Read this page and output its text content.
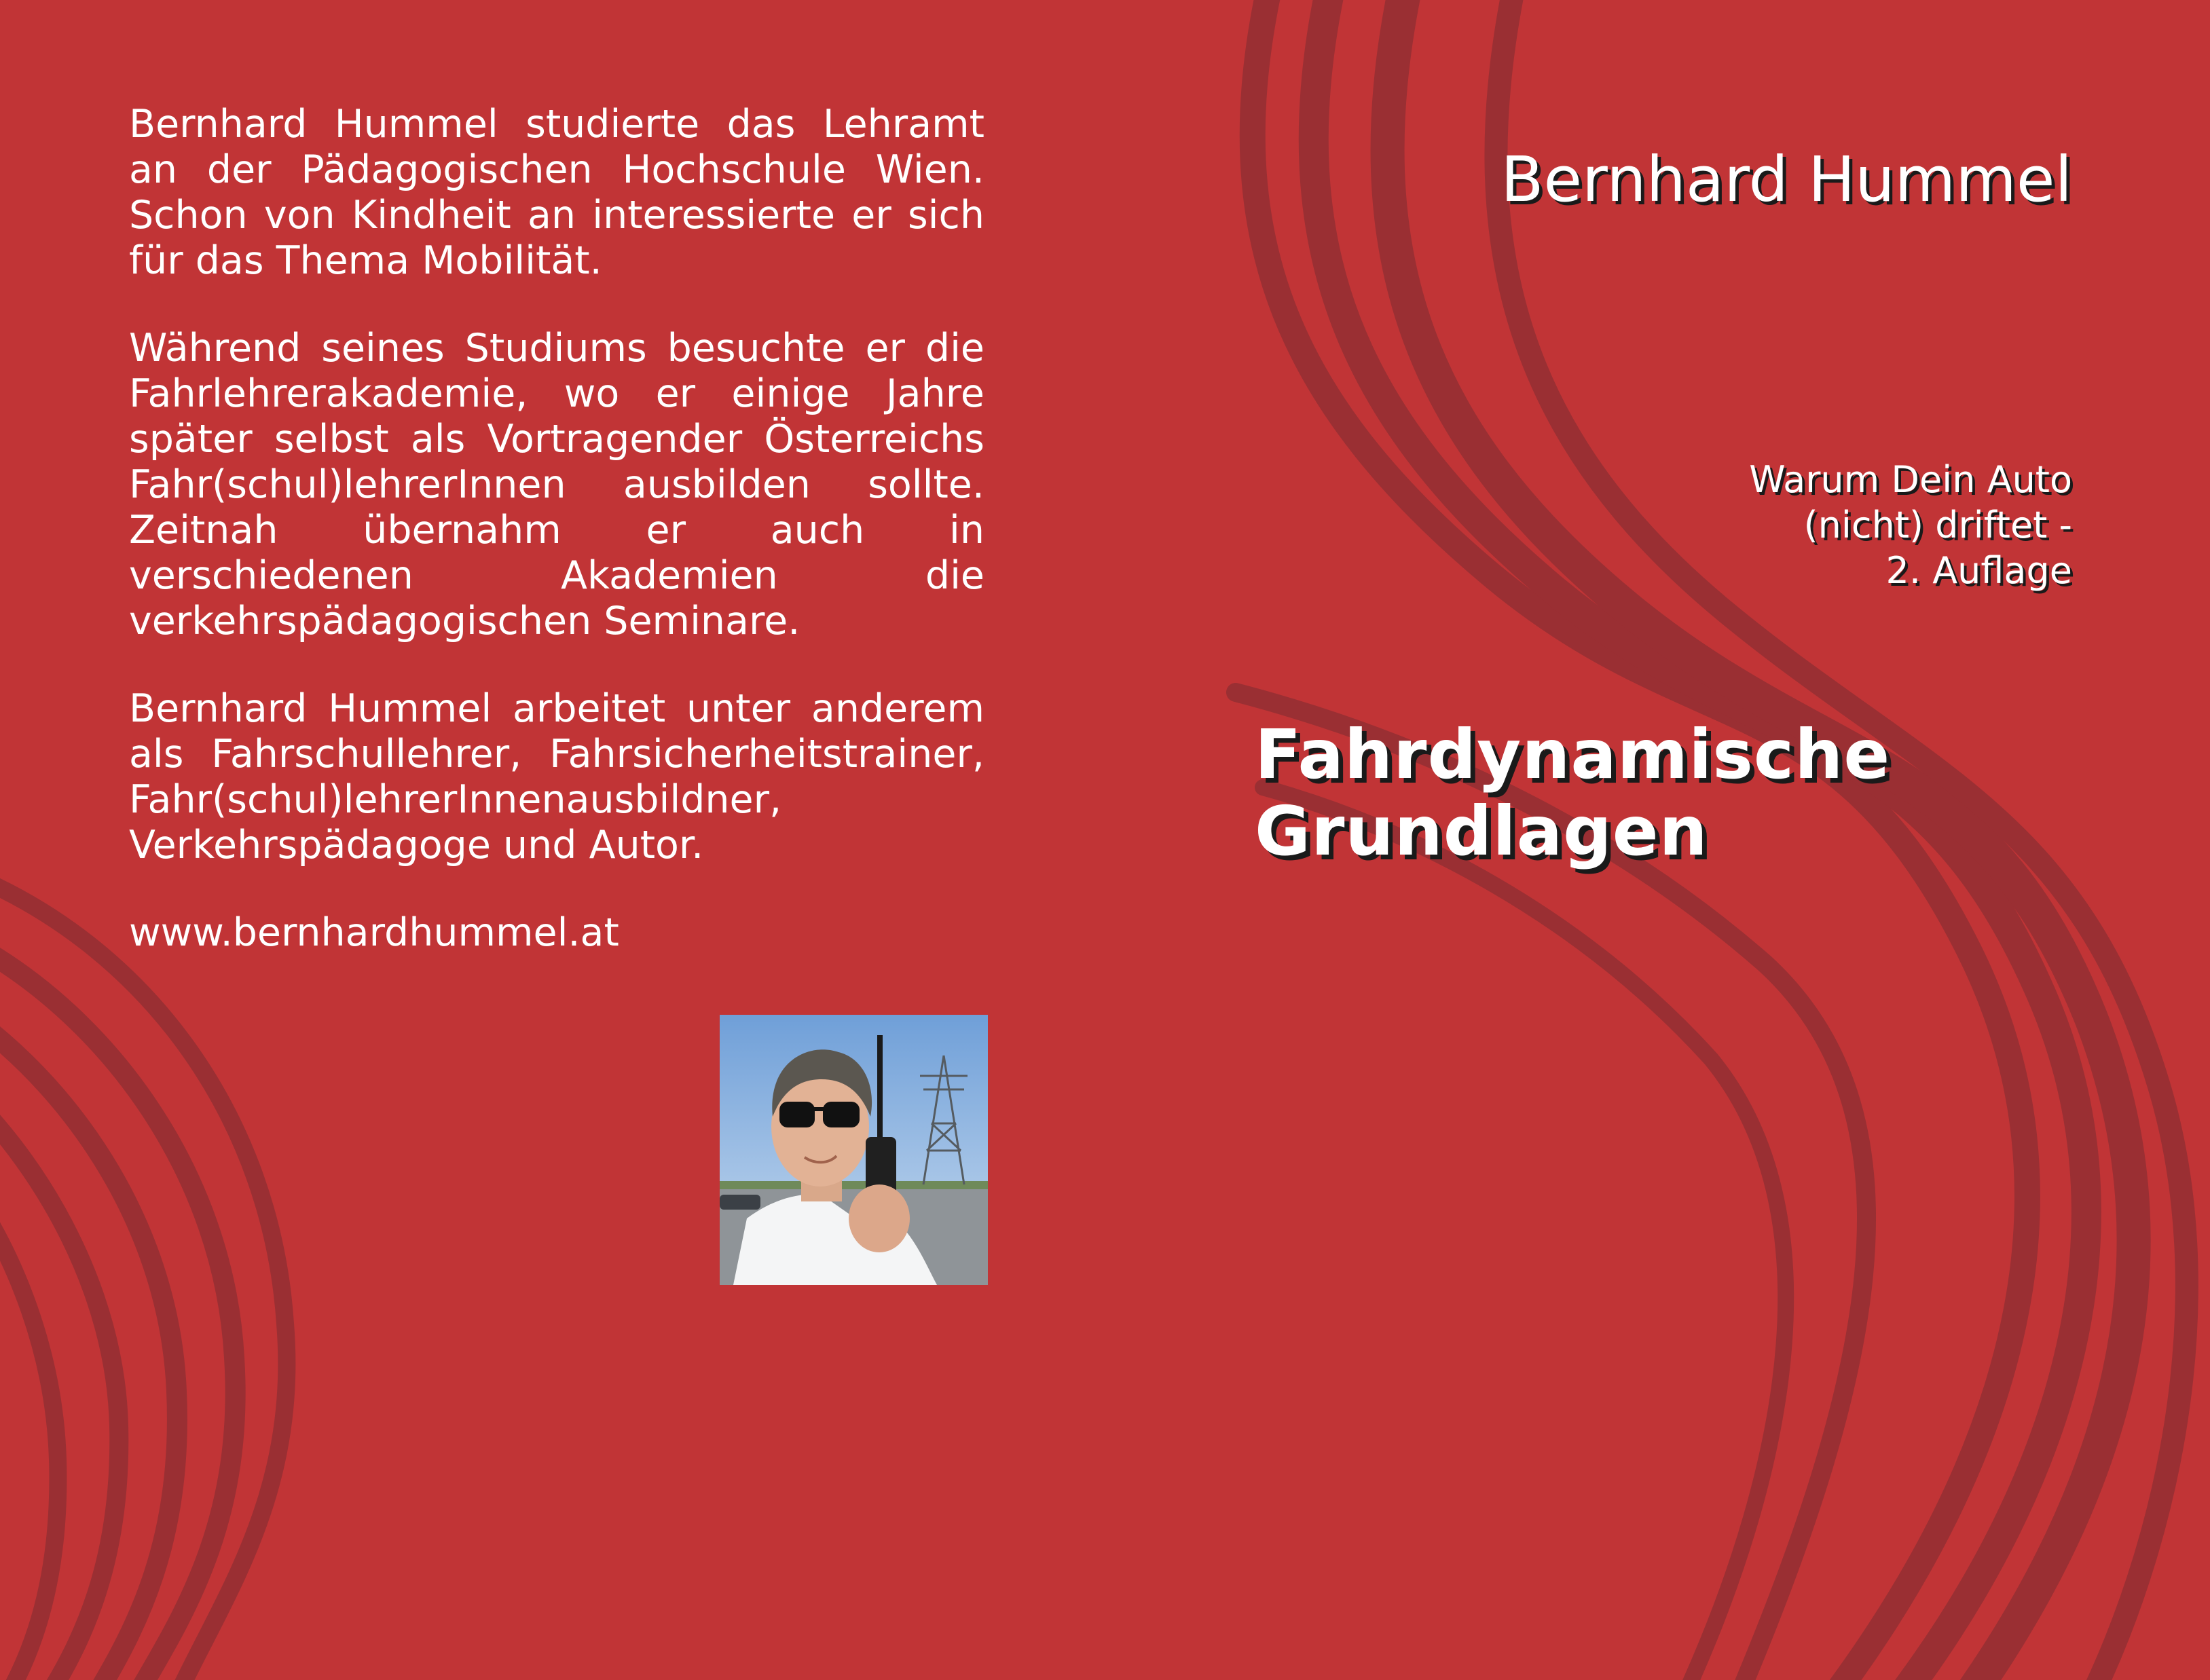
Bernhard Hummel studierte das Lehramt an der Pädagogischen Hochschule Wien. Schon von Kindheit an interessierte er sich für das Thema Mobilität.

Während seines Studiums besuchte er die Fahrlehrerakademie, wo er einige Jahre später selbst als Vortragender Österreichs Fahr(schul)lehrerInnen ausbilden sollte. Zeitnah übernahm er auch in verschiedenen Akademien die verkehrspädagogischen Seminare.

Bernhard Hummel arbeitet unter anderem als Fahrschullehrer, Fahrsicherheitstrainer, Fahr(schul)lehrerInnenausbildner, Verkehrspädagoge und Autor.

www.bernhardhummel.at

Bernhard Hummel
Warum Dein Auto
(nicht) driftet -
2. Auflage
Fahrdynamische
Grundlagen
